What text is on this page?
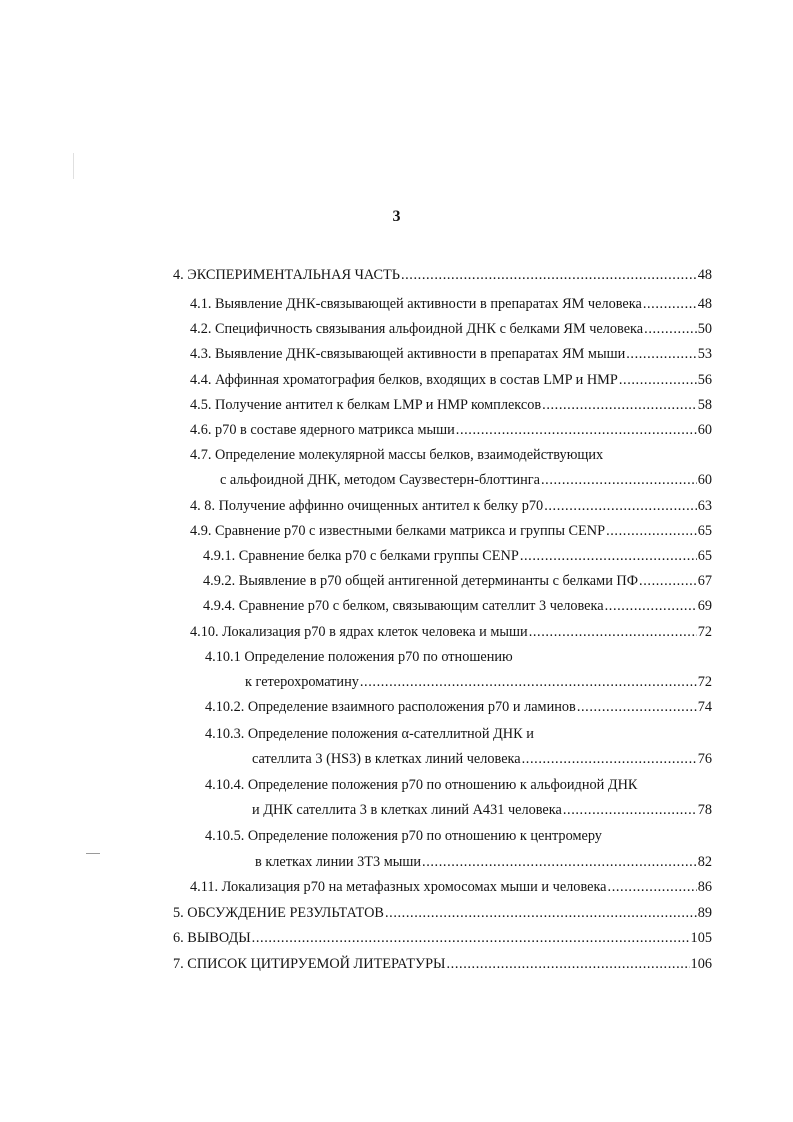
3
4. ЭКСПЕРИМЕНТАЛЬНАЯ ЧАСТЬ .....	48
4.1. Выявление ДНК-связывающей активности в препаратах ЯМ человека .....	48
4.2. Специфичность связывания альфоидной ДНК с белками ЯМ человека .....	50
4.3. Выявление ДНК-связывающей активности в препаратах ЯМ мыши .....	53
4.4. Аффинная хроматография белков, входящих в состав LMP и HMP .....	56
4.5. Получение антител к белкам LMP и HMP комплексов .....	58
4.6. р70 в составе ядерного матрикса мыши .....	60
4.7. Определение молекулярной массы белков, взаимодействующих
с альфоидной ДНК, методом Саузвестерн-блоттинга .....	60
4. 8. Получение аффинно очищенных антител к белку р70 .....	63
4.9. Сравнение р70 с известными белками матрикса и группы CENP .....	65
4.9.1. Сравнение белка р70 с белками группы CENP .....	65
4.9.2. Выявление в р70 общей антигенной детерминанты с белками ПФ .....	67
4.9.4. Сравнение р70 с белком, связывающим сателлит 3 человека .....	69
4.10. Локализация р70 в ядрах клеток человека и мыши .....	72
4.10.1 Определение положения р70 по отношению
к гетерохроматину .....	72
4.10.2. Определение взаимного расположения р70 и ламинов .....	74
4.10.3. Определение положения α-сателлитной ДНК и
сателлита 3 (HS3) в клетках линий человека .....	76
4.10.4. Определение положения р70 по отношению к альфоидной ДНК
и ДНК сателлита 3 в клетках линий А431 человека .....	78
4.10.5. Определение положения р70 по отношению к центромеру
в клетках линии 3Т3 мыши .....	82
4.11. Локализация р70 на метафазных хромосомах мыши и человека .....	86
5. ОБСУЖДЕНИЕ РЕЗУЛЬТАТОВ .....	89
6. ВЫВОДЫ .....	105
7. СПИСОК ЦИТИРУЕМОЙ ЛИТЕРАТУРЫ .....	106
